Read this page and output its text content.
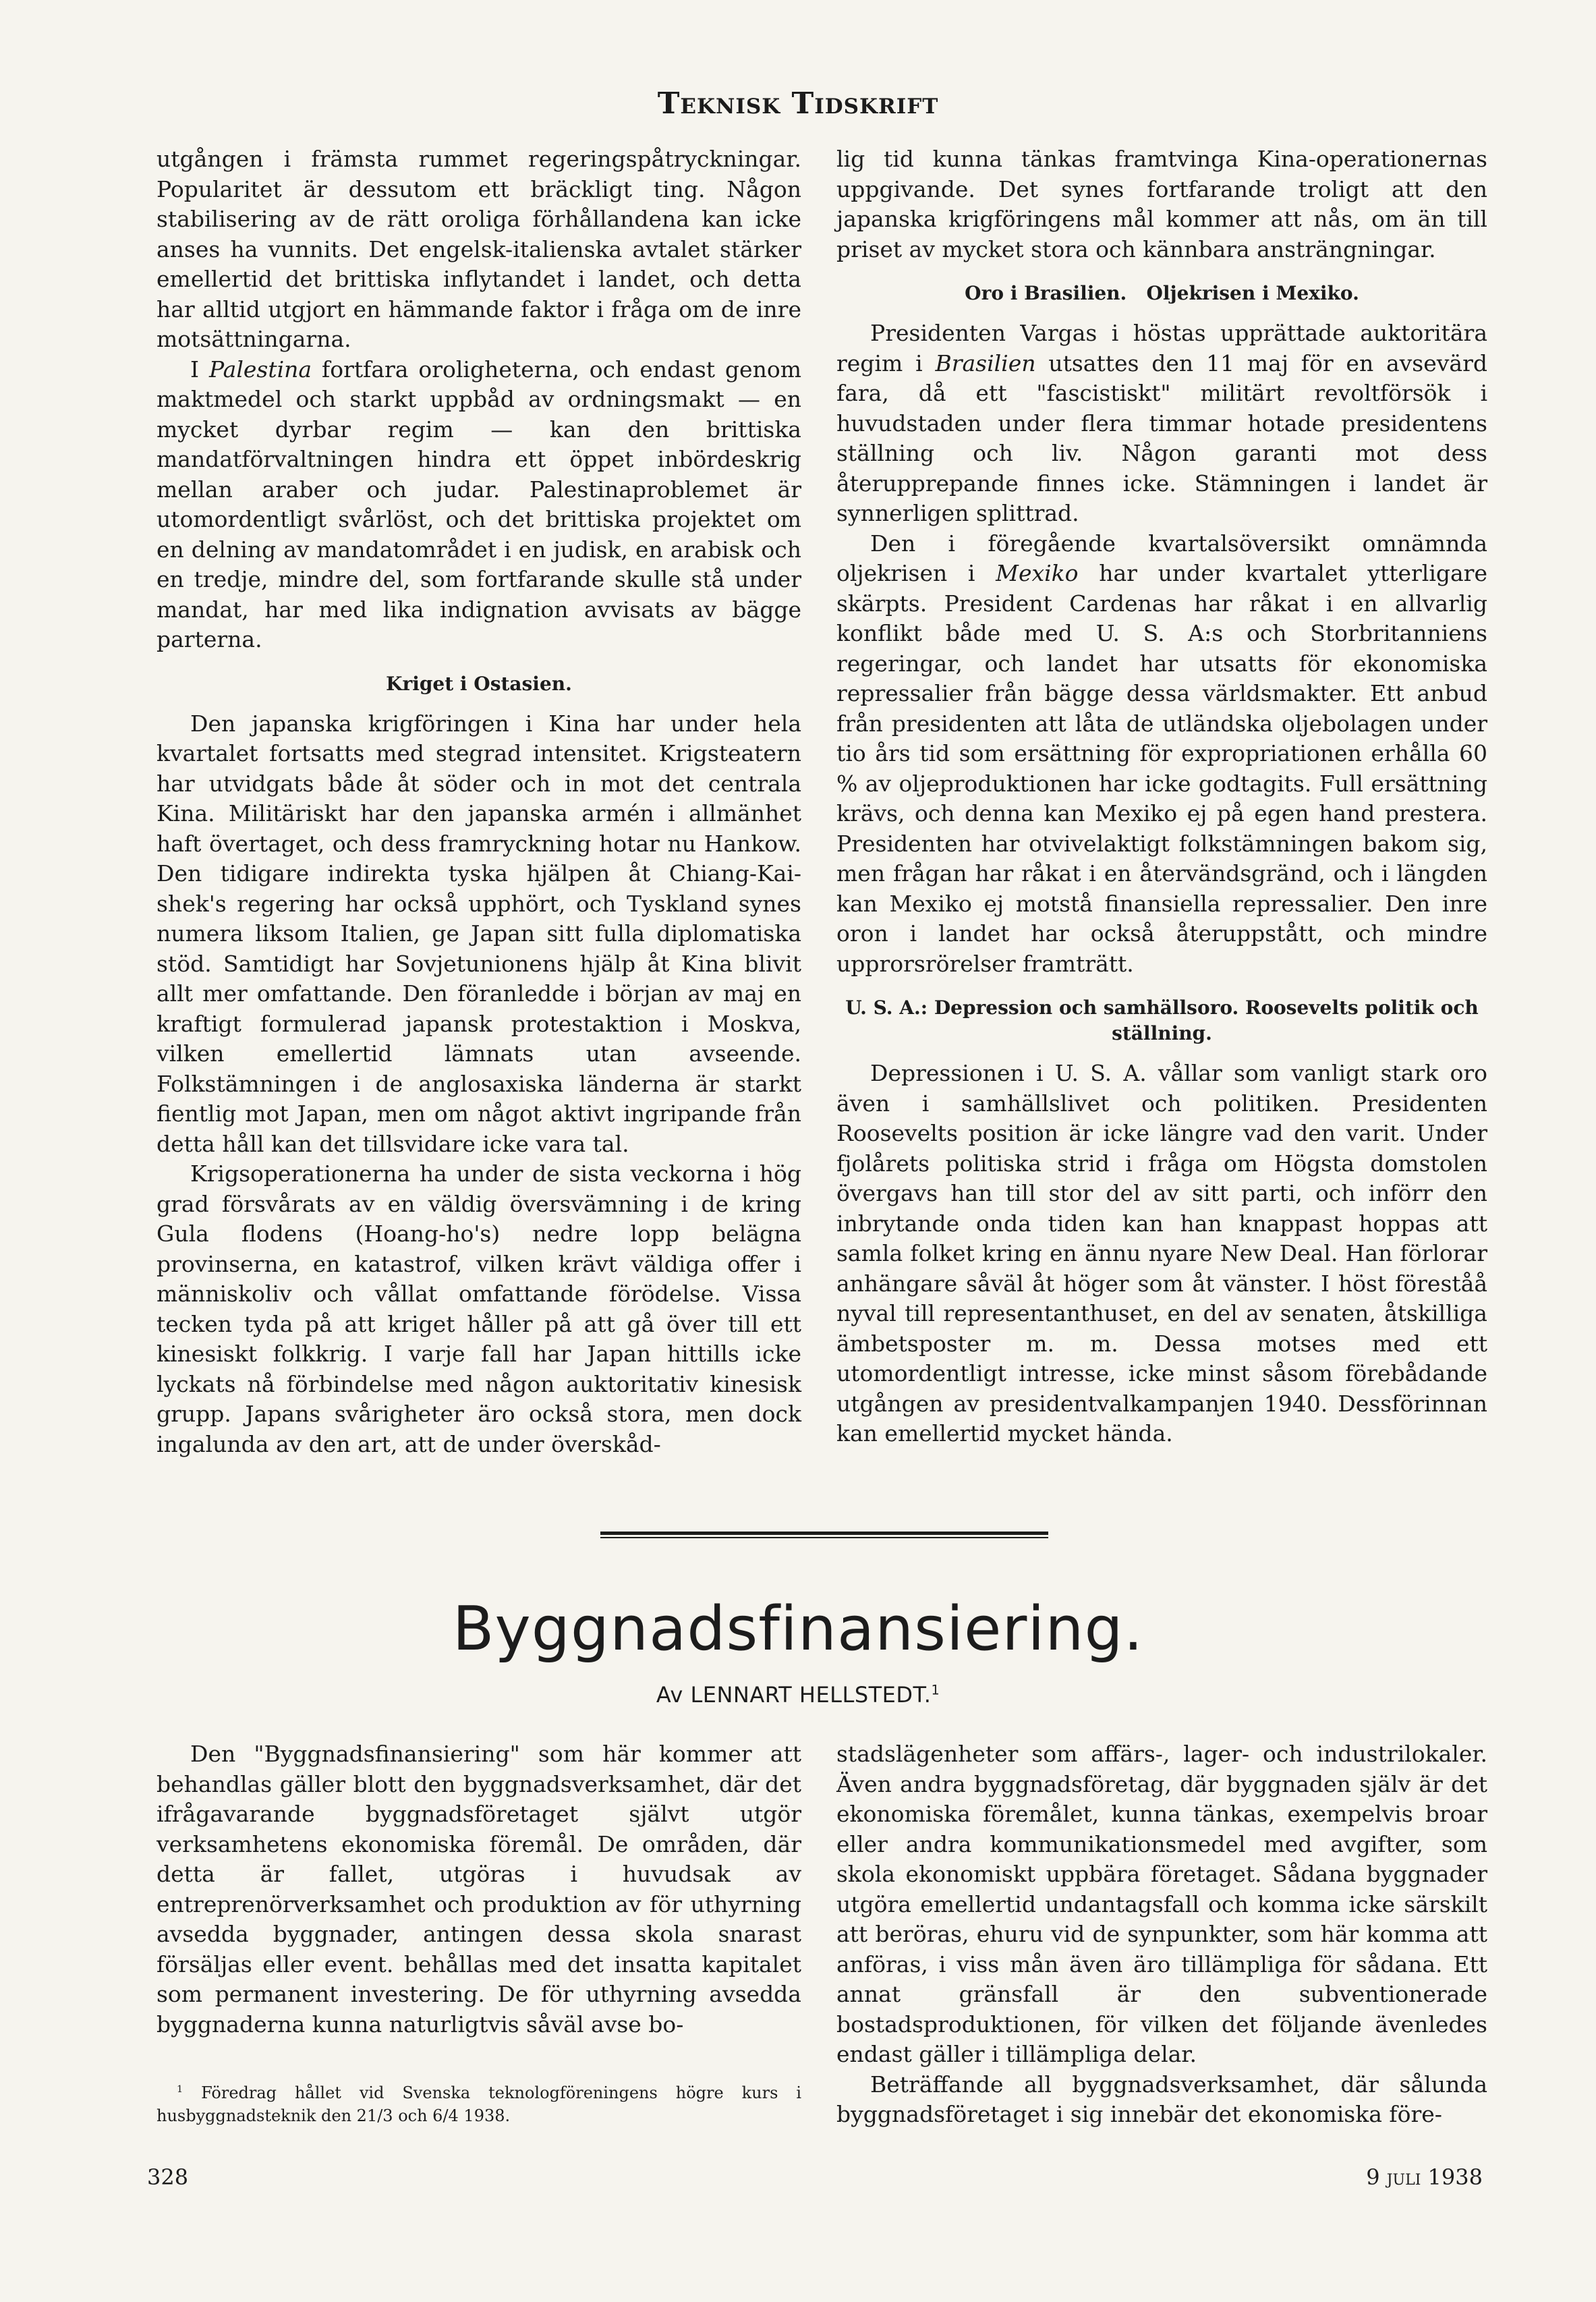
Teknisk Tidskrift

utgången i främsta rummet regeringspåtryckningar. Popularitet är dessutom ett bräckligt ting. Någon stabilisering av de rätt oroliga förhållandena kan icke anses ha vunnits. Det engelsk-italienska avtalet stärker emellertid det brittiska inflytandet i landet, och detta har alltid utgjort en hämmande faktor i fråga om de inre motsättningarna.

I Palestina fortfara oroligheterna, och endast genom maktmedel och starkt uppbåd av ordningsmakt — en mycket dyrbar regim — kan den brittiska mandatförvaltningen hindra ett öppet inbördeskrig mellan araber och judar. Palestinaproblemet är utomordentligt svårlöst, och det brittiska projektet om en delning av mandatområdet i en judisk, en arabisk och en tredje, mindre del, som fortfarande skulle stå under mandat, har med lika indignation avvisats av bägge parterna.

Kriget i Ostasien.

Den japanska krigföringen i Kina har under hela kvartalet fortsatts med stegrad intensitet. Krigsteatern har utvidgats både åt söder och in mot det centrala Kina. Militäriskt har den japanska armén i allmänhet haft övertaget, och dess framryckning hotar nu Hankow. Den tidigare indirekta tyska hjälpen åt Chiang-Kai-shek's regering har också upphört, och Tyskland synes numera liksom Italien, ge Japan sitt fulla diplomatiska stöd. Samtidigt har Sovjetunionens hjälp åt Kina blivit allt mer omfattande. Den föranledde i början av maj en kraftigt formulerad japansk protestaktion i Moskva, vilken emellertid lämnats utan avseende. Folkstämningen i de anglosaxiska länderna är starkt fientlig mot Japan, men om något aktivt ingripande från detta håll kan det tillsvidare icke vara tal.

Krigsoperationerna ha under de sista veckorna i hög grad försvårats av en väldig översvämning i de kring Gula flodens (Hoang-ho's) nedre lopp belägna provinserna, en katastrof, vilken krävt väldiga offer i människoliv och vållat omfattande förödelse. Vissa tecken tyda på att kriget håller på att gå över till ett kinesiskt folkkrig. I varje fall har Japan hittills icke lyckats nå förbindelse med någon auktoritativ kinesisk grupp. Japans svårigheter äro också stora, men dock ingalunda av den art, att de under överskåd-

lig tid kunna tänkas framtvinga Kina-operationernas uppgivande. Det synes fortfarande troligt att den japanska krigföringens mål kommer att nås, om än till priset av mycket stora och kännbara ansträngningar.

Oro i Brasilien.   Oljekrisen i Mexiko.

Presidenten Vargas i höstas upprättade auktoritära regim i Brasilien utsattes den 11 maj för en avsevärd fara, då ett "fascistiskt" militärt revoltförsök i huvudstaden under flera timmar hotade presidentens ställning och liv. Någon garanti mot dess återupprepande finnes icke. Stämningen i landet är synnerligen splittrad.

Den i föregående kvartalsöversikt omnämnda oljekrisen i Mexiko har under kvartalet ytterligare skärpts. President Cardenas har råkat i en allvarlig konflikt både med U. S. A:s och Storbritanniens regeringar, och landet har utsatts för ekonomiska repressalier från bägge dessa världsmakter. Ett anbud från presidenten att låta de utländska oljebolagen under tio års tid som ersättning för expropriationen erhålla 60 % av oljeproduktionen har icke godtagits. Full ersättning krävs, och denna kan Mexiko ej på egen hand prestera. Presidenten har otvivelaktigt folkstämningen bakom sig, men frågan har råkat i en återvändsgränd, och i längden kan Mexiko ej motstå finansiella repressalier. Den inre oron i landet har också återuppstått, och mindre upprorsrörelser framträtt.

U. S. A.: Depression och samhällsoro. Roosevelts politik och ställning.

Depressionen i U. S. A. vållar som vanligt stark oro även i samhällslivet och politiken. Presidenten Roosevelts position är icke längre vad den varit. Under fjolårets politiska strid i fråga om Högsta domstolen övergavs han till stor del av sitt parti, och införr den inbrytande onda tiden kan han knappast hoppas att samla folket kring en ännu nyare New Deal. Han förlorar anhängare såväl åt höger som åt vänster. I höst föreståå nyval till representanthuset, en del av senaten, åtskilliga ämbetsposter m. m. Dessa motses med ett utomordentligt intresse, icke minst såsom förebådande utgången av presidentvalkampanjen 1940. Dessförinnan kan emellertid mycket hända.

Byggnadsfinansiering.
Av LENNART HELLSTEDT.$^1$

Den "Byggnadsfinansiering" som här kommer att behandlas gäller blott den byggnadsverksamhet, där det ifrågavarande byggnadsföretaget självt utgör verksamhetens ekonomiska föremål. De områden, där detta är fallet, utgöras i huvudsak av entreprenörverksamhet och produktion av för uthyrning avsedda byggnader, antingen dessa skola snarast försäljas eller event. behållas med det insatta kapitalet som permanent investering. De för uthyrning avsedda byggnaderna kunna naturligtvis såväl avse bo-

stadslägenheter som affärs-, lager- och industrilokaler. Även andra byggnadsföretag, där byggnaden själv är det ekonomiska föremålet, kunna tänkas, exempelvis broar eller andra kommunikationsmedel med avgifter, som skola ekonomiskt uppbära företaget. Sådana byggnader utgöra emellertid undantagsfall och komma icke särskilt att beröras, ehuru vid de synpunkter, som här komma att anföras, i viss mån även äro tillämpliga för sådana. Ett annat gränsfall är den subventionerade bostadsproduktionen, för vilken det följande ävenledes endast gäller i tillämpliga delar.

Beträffande all byggnadsverksamhet, där sålunda byggnadsföretaget i sig innebär det ekonomiska före-

$^1$ Föredrag hållet vid Svenska teknologföreningens högre kurs i husbyggnadsteknik den 21/3 och 6/4 1938.

328	9 juli 1938
